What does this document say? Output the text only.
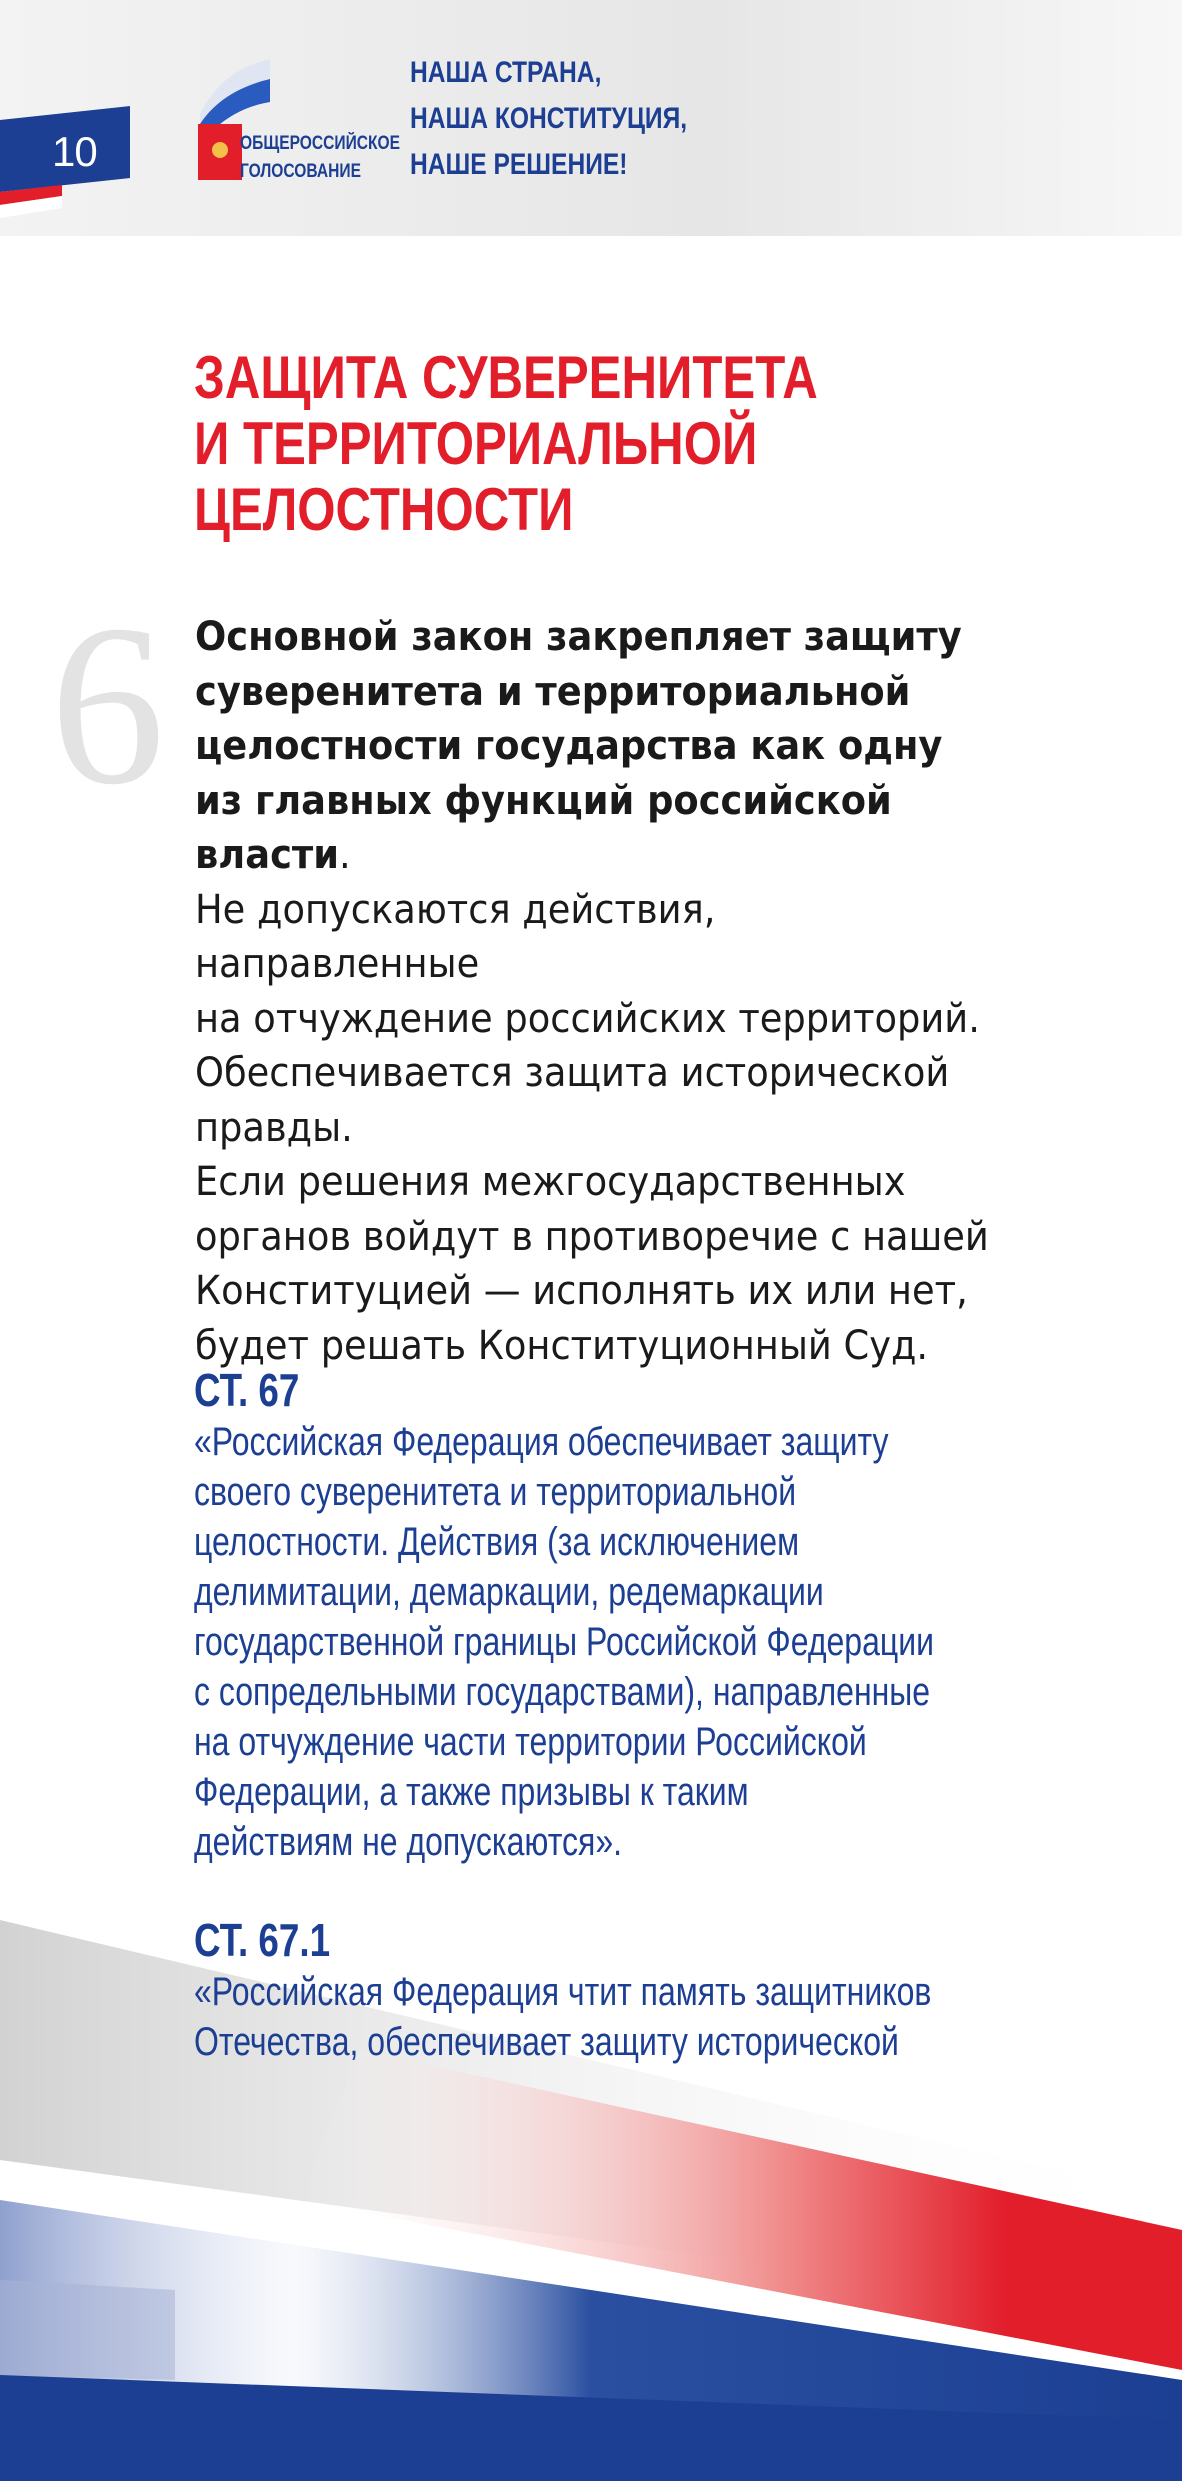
10	ОБЩЕРОССИЙСКОЕ
ГОЛОСОВАНИЕ
НАША СТРАНА,
НАША КОНСТИТУЦИЯ,
НАШЕ РЕШЕНИЕ!
ЗАЩИТА СУВЕРЕНИТЕТА
И ТЕРРИТОРИАЛЬНОЙ
ЦЕЛОСТНОСТИ
6 Основной закон закрепляет защиту
суверенитета и территориальной
целостности государства как одну
из главных функций российской власти.
Не допускаются действия, направленные
на отчуждение российских территорий.
Обеспечивается защита исторической
правды.
Если решения межгосударственных
органов войдут в противоречие с нашей
Конституцией — исполнять их или нет,
будет решать Конституционный Суд.
СТ. 67
«Российская Федерация обеспечивает защиту
своего суверенитета и территориальной
целостности. Действия (за исключением
делимитации, демаркации, редемаркации
государственной границы Российской Федерации
с сопредельными государствами), направленные
на отчуждение части территории Российской
Федерации, а также призывы к таким
действиям не допускаются».
СТ. 67.1
«Российская Федерация чтит память защитников
Отечества, обеспечивает защиту исторической
